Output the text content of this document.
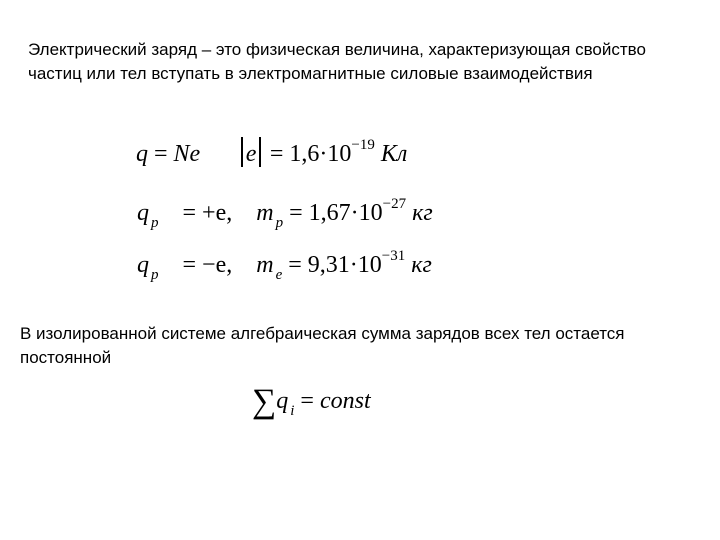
Электрический заряд – это физическая величина, характеризующая свойство частиц или тел вступать в электромагнитные силовые взаимодействия
q = Ne $e = 1,6\cdot 10^{-19}$ Кл
q $_p$ = +e, m $_p = 1,67\cdot 10^{-27}$ кг
q $_p$ = −e, m $_e = 9,31\cdot 10^{-31}$ кг
В изолированной системе алгебраическая сумма зарядов всех тел остается постоянной
∑q $_i$ = const
